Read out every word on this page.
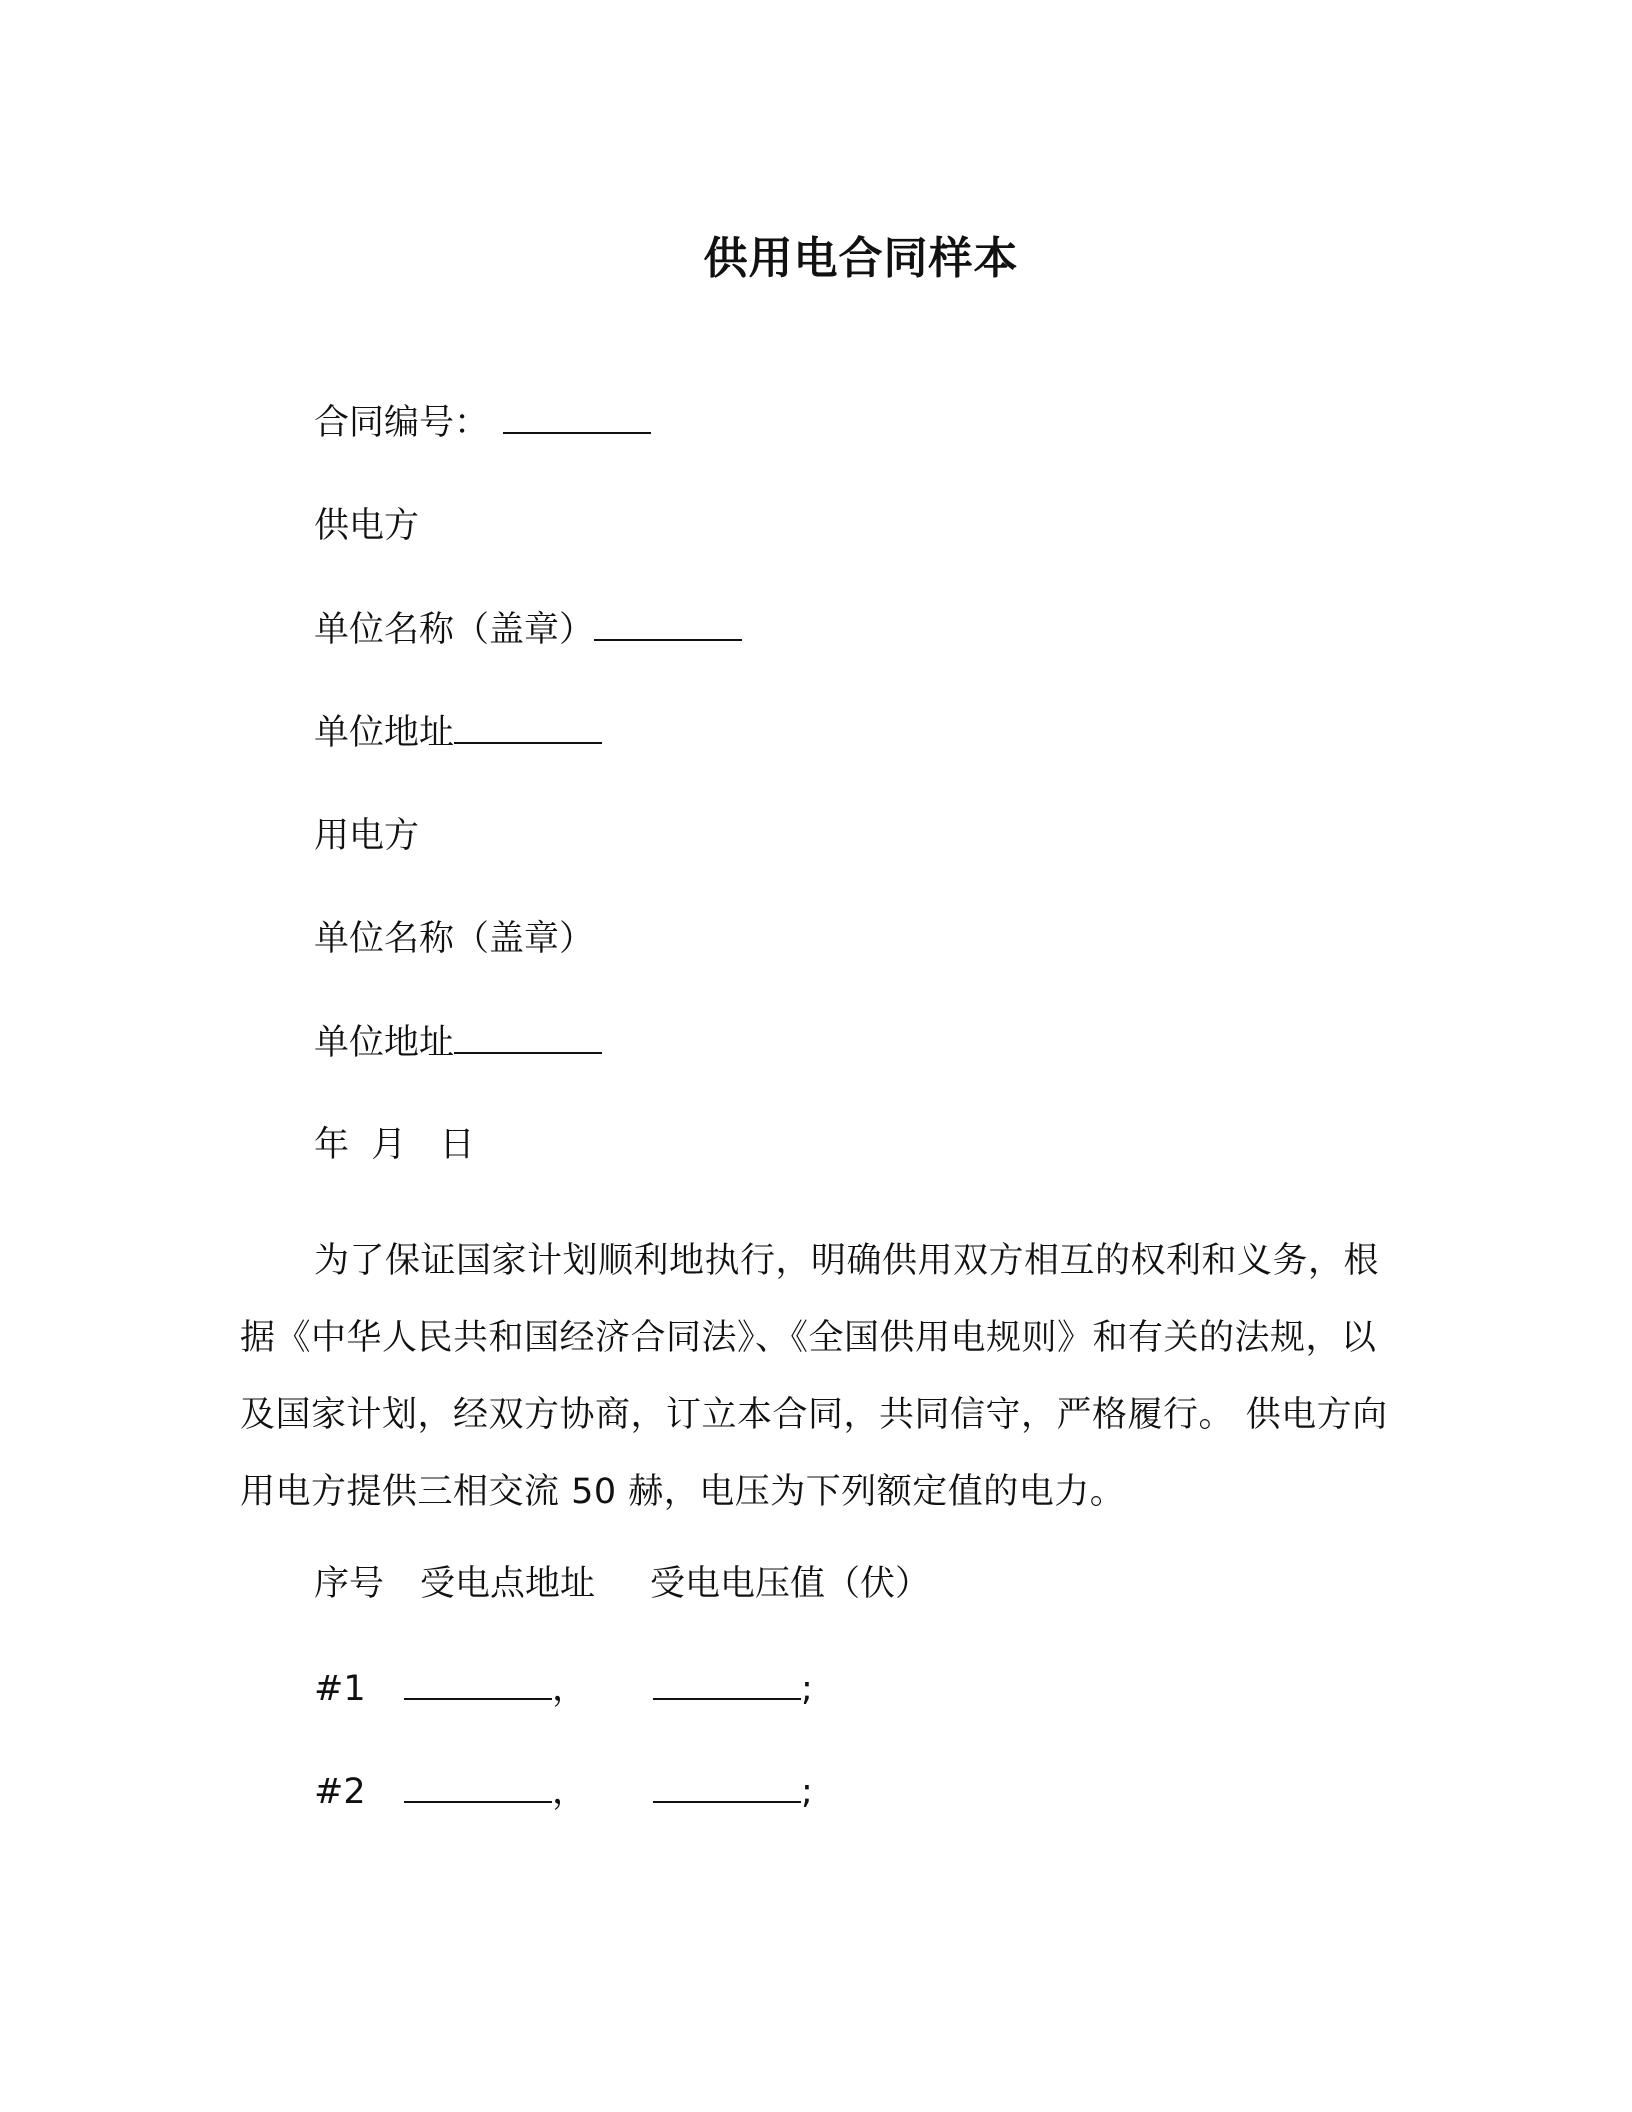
供用电合同样本
合同编号：
供电方
单位名称（盖章）
单位地址
用电方
单位名称（盖章）
单位地址
年  月   日
为了保证国家计划顺利地执行，明确供用双方相互的权利和义务，根据《中华人民共和国经济合同法》、《全国供用电规则》和有关的法规，以及国家计划，经双方协商，订立本合同，共同信守，严格履行。 供电方向用电方提供三相交流 50 赫，电压为下列额定值的电力。
序号 受电点地址 受电电压值（伏）
#1	，	;
#2	，	;
